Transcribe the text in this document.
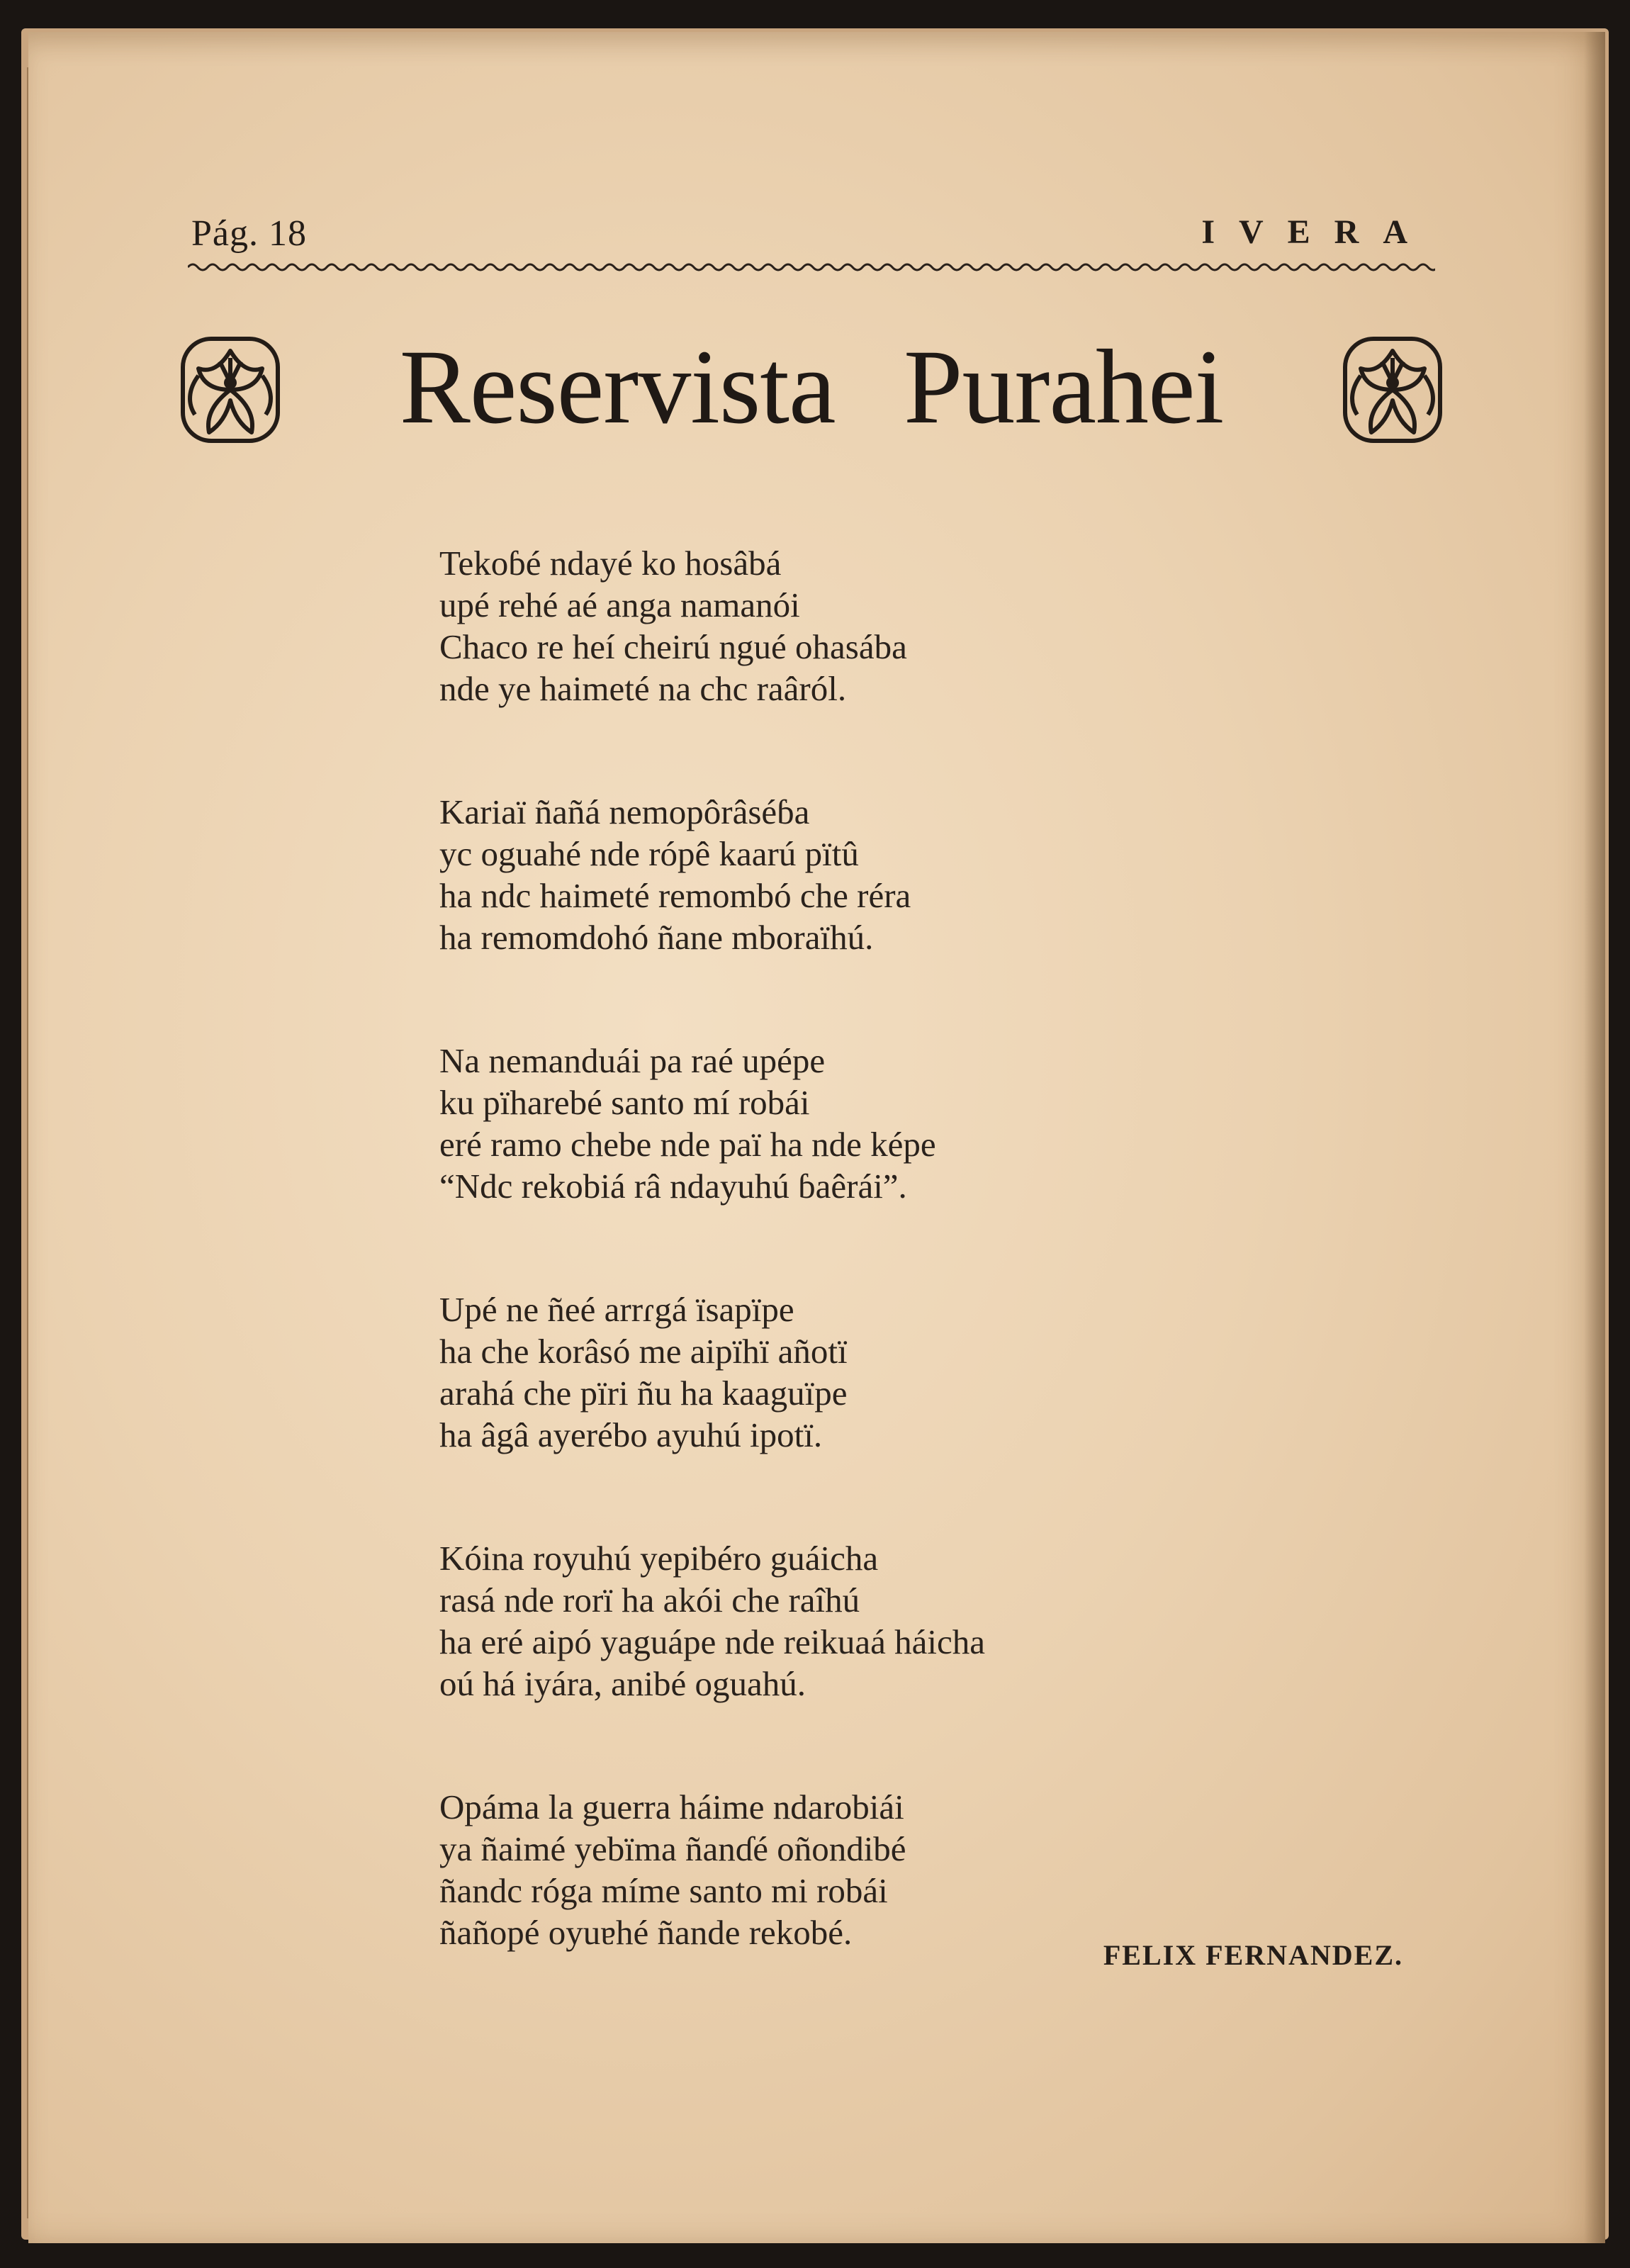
Pág. 18	IVERA
Reservista Purahei
Tekoɓé ndayé ko hosâbá
upé rehé aé anga namanói
Chaco re heí cheirú ngué ohasába
nde ye haimeté na chc raâról.
Kariaï ñañá nemopôrâséɓa
yc oguahé nde rópê kaarú pïtû
ha ndc haimeté remombó che réra
ha remomdohó ñane mboraïhú.
Na nemanduái pa raé upépe
ku pïharebé santo mí robái
eré ramo chebe nde paï ha nde képe
“Ndc rekobiá râ ndayuhú ɓaêrái”.
Upé ne ñeé arrɾgá ïsapïpe
ha che korâsó me aipïhï añotï
arahá che pïri ñu ha kaaguïpe
ha âgâ ayerébo ayuhú ipotï.
Kóina royuhú yepibéro guáicha
rasá nde rorï ha akói che raîhú
ha eré aipó yaguápe nde reikuaá háicha
oú há iyára, anibé oguahú.
Opáma la guerra háime ndarobiái
ya ñaimé yebïma ñanɗé oñondibé
ñandc róga míme santo mi robái
ñañopé oyuɐhé ñande rekobé.
FELIX FERNANDEZ.
